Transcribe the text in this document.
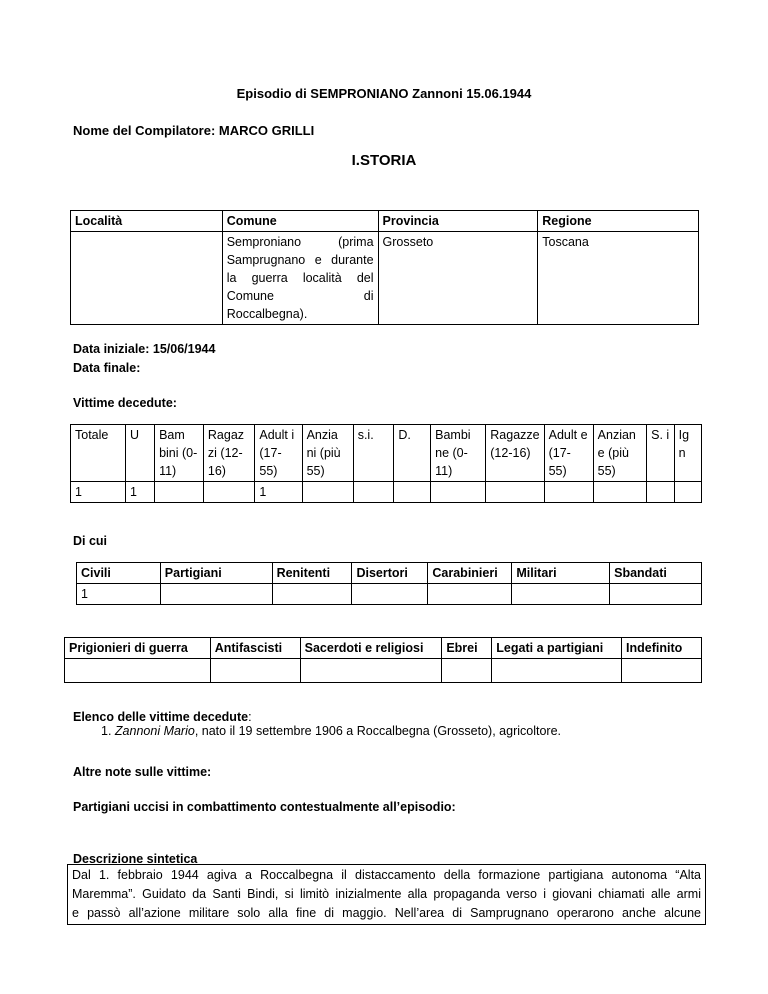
Episodio di SEMPRONIANO Zannoni 15.06.1944
Nome del Compilatore: MARCO GRILLI
I.STORIA
Località	Comune	Provincia	Regione

	Semproniano (prima
Samprugnano e durante
la guerra località del
Comune di
Roccalbegna).	Grosseto	Toscana
Data iniziale: 15/06/1944
Data finale:
Vittime decedute:
Totale	U	Bam bini (0- 11)	Ragaz zi (12- 16)	Adult i (17- 55)	Anzia ni (più 55)	s.i.	D.	Bambi ne (0- 11)	Ragazze (12-16)	Adult e (17- 55)	Anzian e (più 55)	S. i	Ig n
1	1			1									
Di cui
Civili	Partigiani	Renitenti	Disertori	Carabinieri	Militari	Sbandati
1						
Prigionieri di guerra	Antifascisti	Sacerdoti e religiosi	Ebrei	Legati a partigiani	Indefinito

Elenco delle vittime decedute:
1. Zannoni Mario, nato il 19 settembre 1906 a Roccalbegna (Grosseto), agricoltore.
Altre note sulle vittime:
Partigiani uccisi in combattimento contestualmente all’episodio:
Descrizione sintetica
Dal 1. febbraio 1944 agiva a Roccalbegna il distaccamento della formazione partigiana autonoma “Alta
Maremma”. Guidato da Santi Bindi, si limitò inizialmente alla propaganda verso i giovani chiamati alle armi
e passò all’azione militare solo alla fine di maggio. Nell’area di Samprugnano operarono anche alcune
